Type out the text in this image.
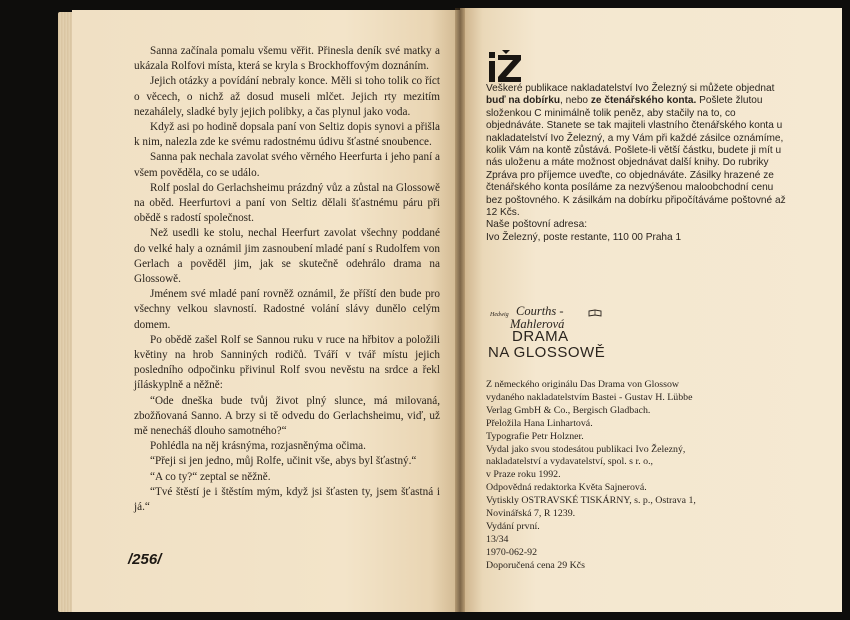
Sanna začínala pomalu všemu věřit. Přinesla deník své matky a ukázala Rolfovi místa, která se kryla s Brockhoffovým doznáním.

Jejich otázky a povídání nebraly konce. Měli si toho tolik co říct o věcech, o nichž až dosud museli mlčet. Jejich rty mezitím nezahálely, sladké byly jejich polibky, a čas plynul jako voda.

Když asi po hodině dopsala paní von Seltiz dopis synovi a přišla k nim, nalezla zde ke svému radostnému údivu šťastné snoubence.

Sanna pak nechala zavolat svého věrného Heerfurta i jeho paní a všem pověděla, co se událo.

Rolf poslal do Gerlachsheimu prázdný vůz a zůstal na Glossowě na oběd. Heerfurtovi a paní von Seltiz dělali šťastnému páru při obědě s radostí společnost.

Než usedli ke stolu, nechal Heerfurt zavolat všechny poddané do velké haly a oznámil jim zasnoubení mladé paní s Rudolfem von Gerlach a pověděl jim, jak se skutečně odehrálo drama na Glossowě.

Jménem své mladé paní rovněž oznámil, že příští den bude pro všechny velkou slavností. Radostné volání slávy dunělo celým domem.

Po obědě zašel Rolf se Sannou ruku v ruce na hřbitov a položili květiny na hrob Sanniných rodičů. Tváří v tvář místu jejich posledního odpočinku přivinul Rolf svou nevěstu na srdce a řekl jíláskyplně a něžně:

“Ode dneška bude tvůj život plný slunce, má milovaná, zbožňovaná Sanno. A brzy si tě odvedu do Gerlachsheimu, viď, už mě nenecháš dlouho samotného?“

Pohlédla na něj krásnýma, rozjasněnýma očima.

“Přeji si jen jedno, můj Rolfe, učinit vše, abys byl šťastný.“

“A co ty?“ zeptal se něžně.

“Tvé štěstí je i štěstím mým, když jsi šťasten ty, jsem šťastná i já.“

/256/

Veškeré publikace nakladatelství Ivo Železný si můžete objednat buď na dobírku, nebo ze čtenářského konta. Pošlete žlutou složenkou C minimálně tolik peněz, aby stačily na to, co objednáváte. Stanete se tak majiteli vlastního čtenářského konta u nakladatelství Ivo Železný, a my Vám při každé zásilce oznámíme, kolik Vám na kontě zůstává. Pošlete-li větší částku, budete ji mít u nás uloženu a máte možnost objednávat další knihy. Do rubriky Zpráva pro příjemce uveďte, co objednáváte. Zásilky hrazené ze čtenářského konta posíláme za nezvýšenou maloobchodní cenu bez poštovného. K zásilkám na dobírku připočítáváme poštovné až 12 Kčs.

Naše poštovní adresa:

Ivo Železný, poste restante, 110 00 Praha 1

Hedwig Courths -
Mahlerová
DRAMA
NA GLOSSOWĚ
Z německého originálu Das Drama von Glossow
vydaného nakladatelstvím Bastei - Gustav H. Lübbe
Verlag GmbH & Co., Bergisch Gladbach.
Přeložila Hana Linhartová.
Typografie Petr Holzner.
Vydal jako svou stodesátou publikaci Ivo Železný,
nakladatelství a vydavatelství, spol. s r. o.,
v Praze roku 1992.
Odpovědná redaktorka Květa Sajnerová.
Vytiskly OSTRAVSKÉ TISKÁRNY, s. p., Ostrava 1,
Novinářská 7, R 1239.
Vydání první.
13/34
1970-062-92
Doporučená cena 29 Kčs
